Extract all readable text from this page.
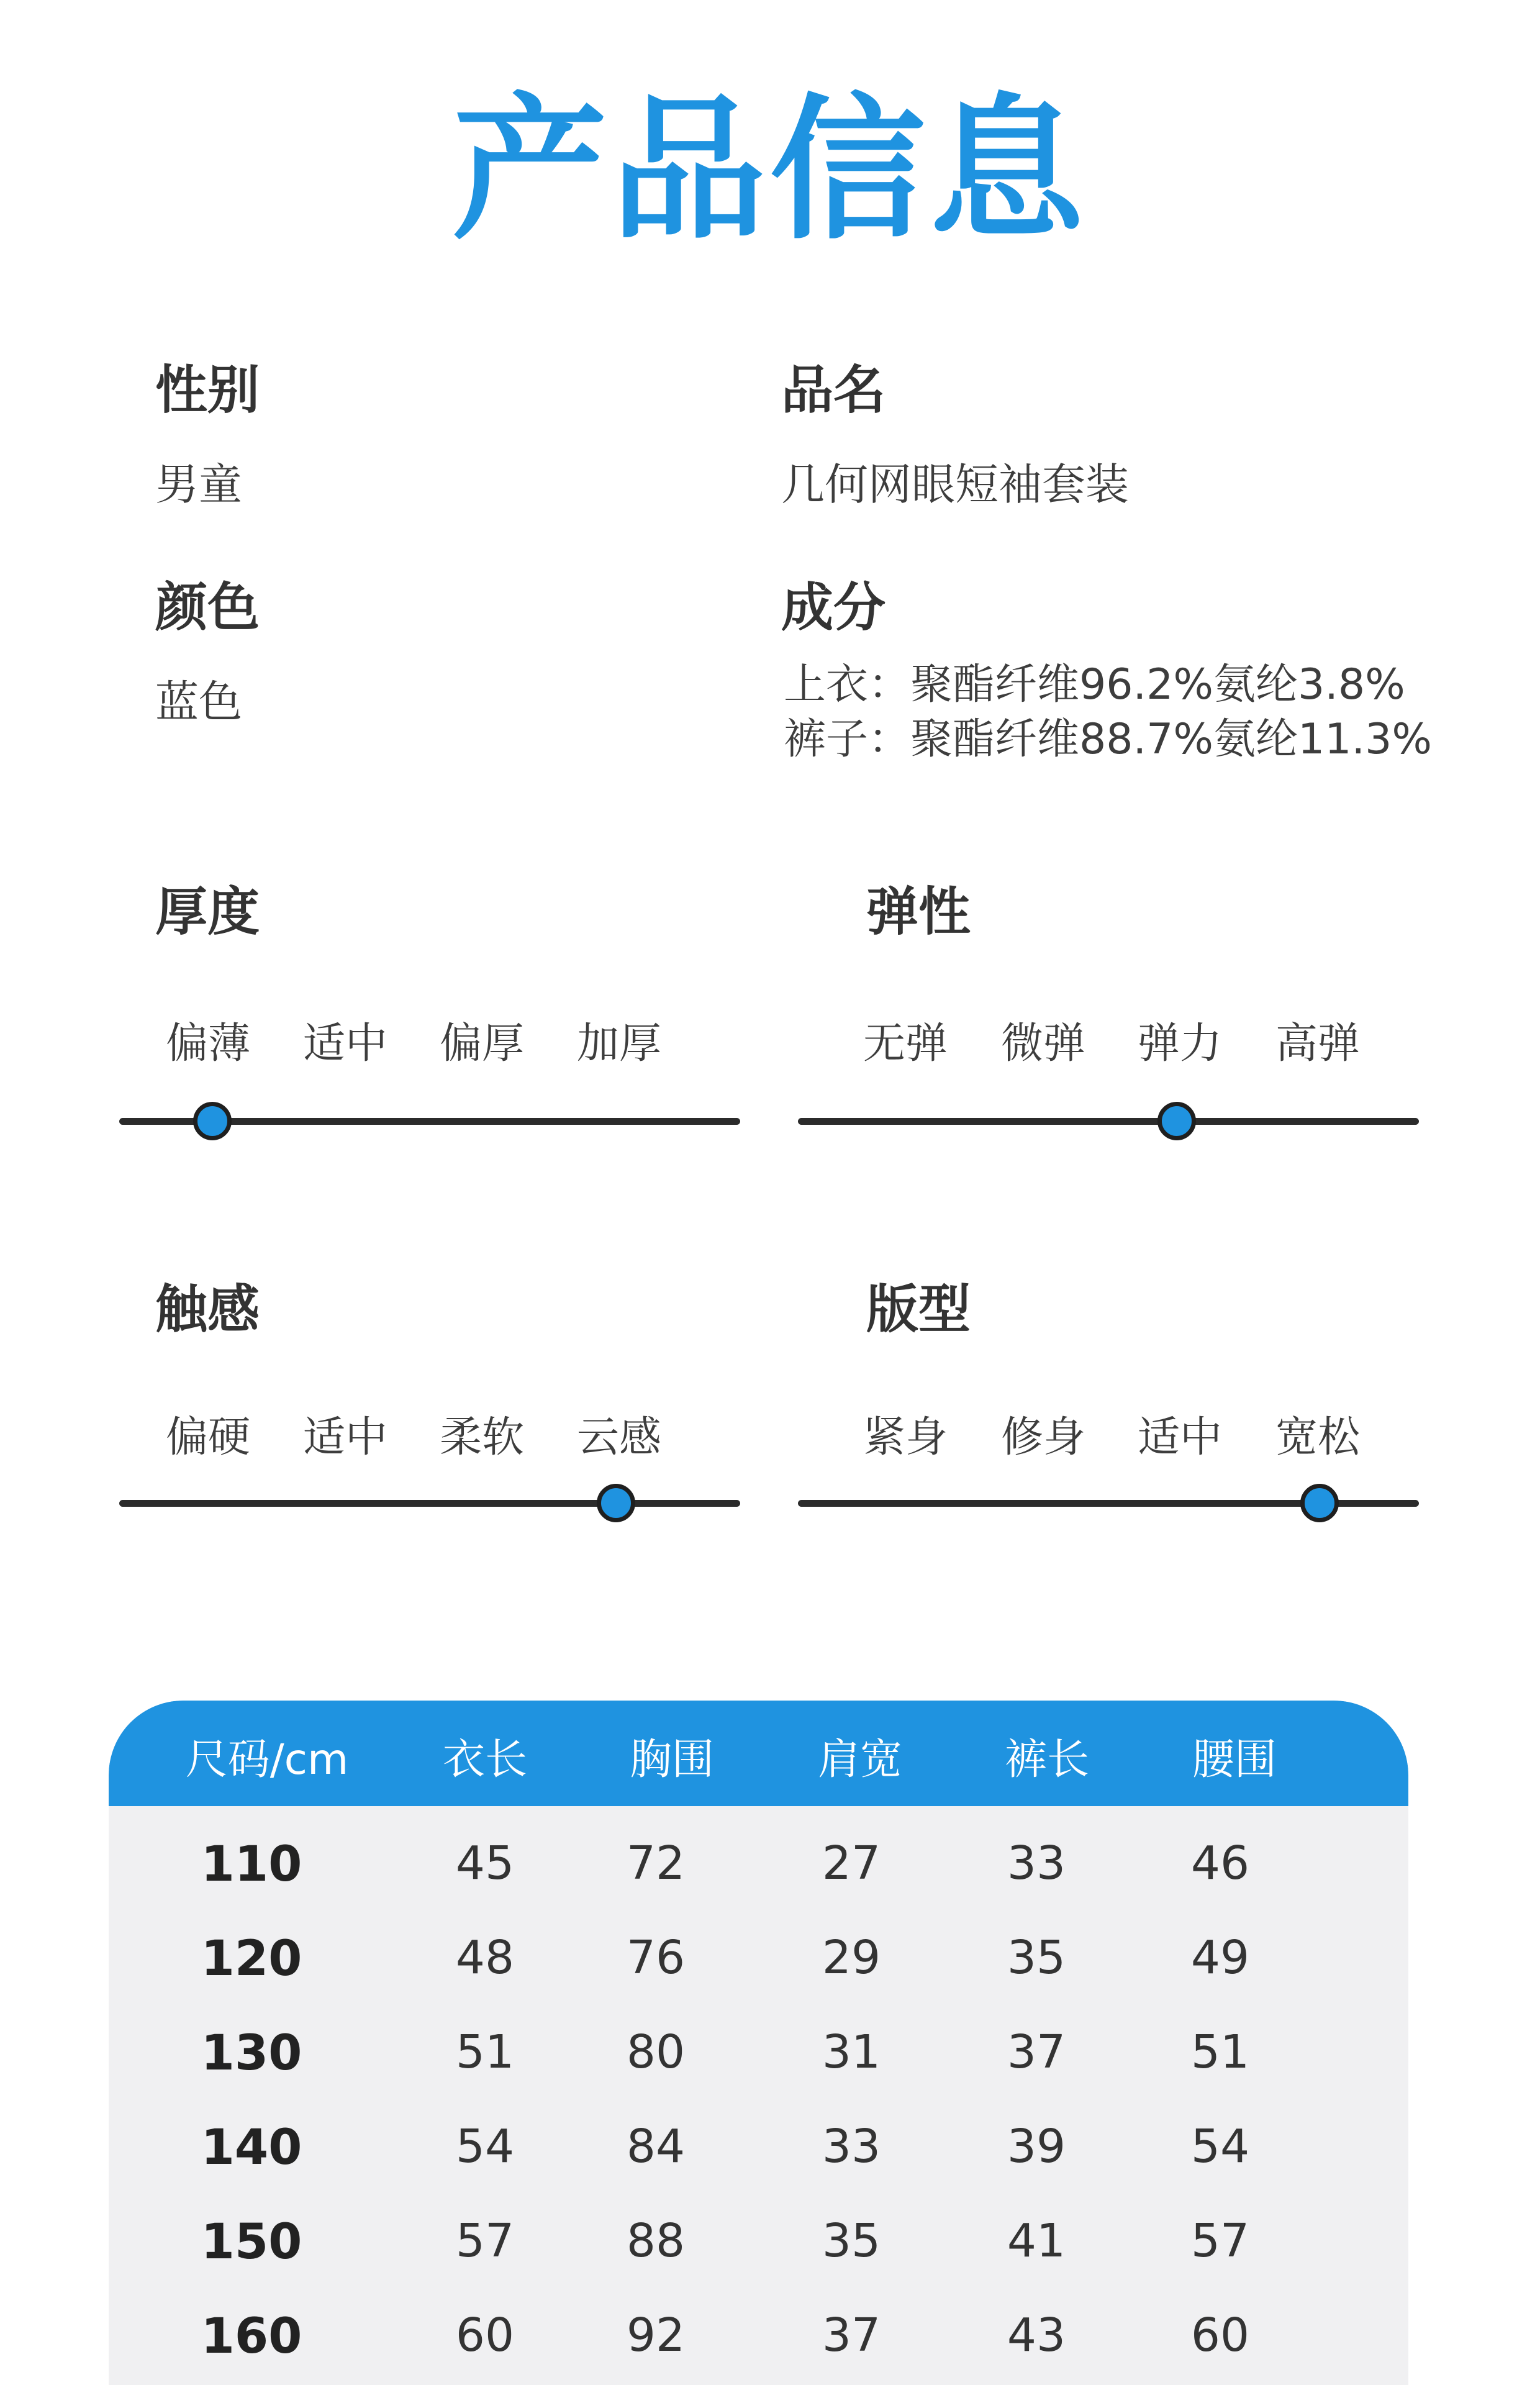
产品信息
性别
男童
品名
几何网眼短袖套装
颜色
蓝色
成分
上衣：聚酯纤维96.2%氨纶3.8%
裤子：聚酯纤维88.7%氨纶11.3%
厚度
偏薄	适中	偏厚	加厚
弹性
无弹	微弹	弹力	高弹
触感
偏硬	适中	柔软	云感
版型
紧身	修身	适中	宽松
尺码/cm	衣长	胸围	肩宽	裤长	腰围
110	45	72	27	33	46
120	48	76	29	35	49
130	51	80	31	37	51
140	54	84	33	39	54
150	57	88	35	41	57
160	60	92	37	43	60
